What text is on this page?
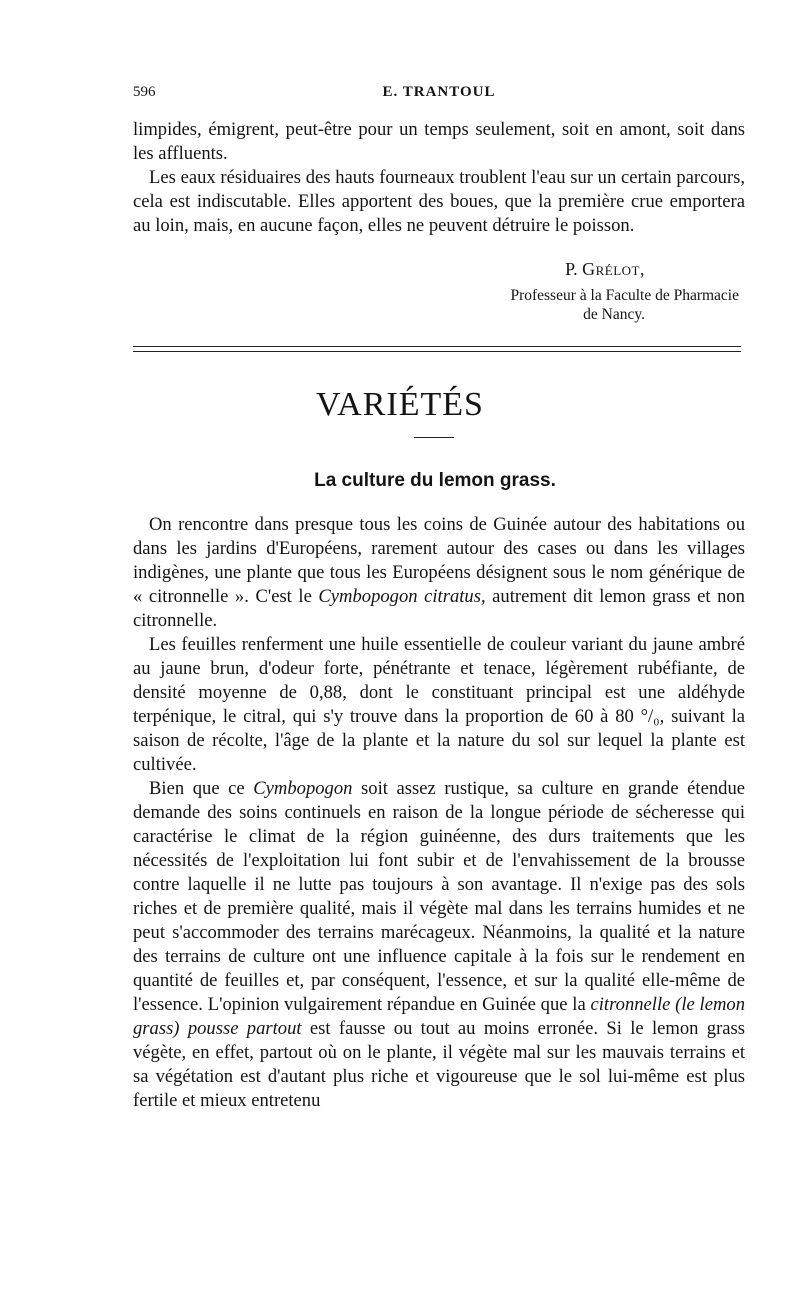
596	E. TRANTOUL

limpides, émigrent, peut-être pour un temps seulement, soit en amont, soit dans les affluents.

Les eaux résiduaires des hauts fourneaux troublent l'eau sur un certain parcours, cela est indiscutable. Elles apportent des boues, que la première crue emportera au loin, mais, en aucune façon, elles ne peuvent détruire le poisson.

P. Grélot,
Professeur à la Faculte de Pharmacie
de Nancy.
VARIÉTÉS
La culture du lemon grass.

On rencontre dans presque tous les coins de Guinée autour des habitations ou dans les jardins d'Européens, rarement autour des cases ou dans les villages indigènes, une plante que tous les Européens désignent sous le nom générique de « citronnelle ». C'est le Cymbopogon citratus, autrement dit lemon grass et non citronnelle.

Les feuilles renferment une huile essentielle de couleur variant du jaune ambré au jaune brun, d'odeur forte, pénétrante et tenace, légèrement rubéfiante, de densité moyenne de 0,88, dont le constituant principal est une aldéhyde terpénique, le citral, qui s'y trouve dans la proportion de 60 à 80 °/₀, suivant la saison de récolte, l'âge de la plante et la nature du sol sur lequel la plante est cultivée.

Bien que ce Cymbopogon soit assez rustique, sa culture en grande étendue demande des soins continuels en raison de la longue période de sécheresse qui caractérise le climat de la région guinéenne, des durs traitements que les nécessités de l'exploitation lui font subir et de l'envahissement de la brousse contre laquelle il ne lutte pas toujours à son avantage. Il n'exige pas des sols riches et de première qualité, mais il végète mal dans les terrains humides et ne peut s'accommoder des terrains marécageux. Néanmoins, la qualité et la nature des terrains de culture ont une influence capitale à la fois sur le rendement en quantité de feuilles et, par conséquent, l'essence, et sur la qualité elle-même de l'essence. L'opinion vulgairement répandue en Guinée que la citronnelle (le lemon grass) pousse partout est fausse ou tout au moins erronée. Si le lemon grass végète, en effet, partout où on le plante, il végète mal sur les mauvais terrains et sa végétation est d'autant plus riche et vigoureuse que le sol lui-même est plus fertile et mieux entretenu
